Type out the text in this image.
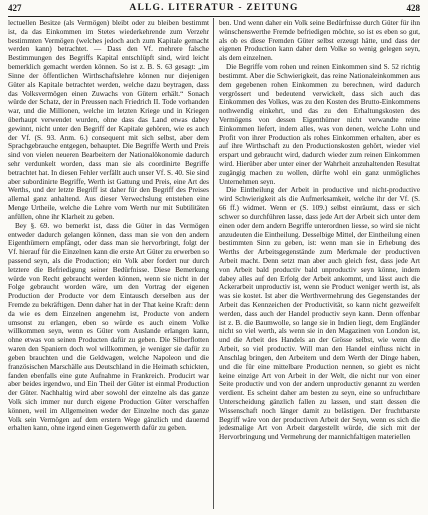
427	ALLG. LITERATUR - ZEITUNG	428

lectuellen Besitze (als Vermögen) bleibt oder zu bleiben bestimmt ist, da das Einkommen im Stetes wiederkehrende zum Verzehr bestimmten Vermögen (welches jedoch auch zum Kapitale gemacht werden kann) betrachtet. — Dass den Vf. mehrere falsche Bestimmungen des Begriffs Kapital entschlüpft sind, wird leicht bemerklich gemacht werden können. So ist z. B. S. 63 gesagt: „im Sinne der öffentlichen Wirthschaftslehre können nur diejenigen Güter als Kapitale betrachtet werden, welche dazu beytragen, dass das Volksvermögen einen Zuwachs von Gütern erhält.“ Sonach würde der Schatz, der in Preussen nach Friedrich II. Tode vorhanden war, und die Millionen, welche im letzten Kriege und in Kriegen überhaupt verwendet wurden, ohne dass das Land etwas dabey gewinnt, nicht unter den Begriff der Kapitale gehören, wie es auch der Vf. (S. 93. Anm. 6.) consequent mit sich selbst, aber dem Sprachgebrauche entgegen, behauptet. Die Begriffe Werth und Preis sind von vielen neueren Bearbeitern der Nationalökonomie dadurch sehr verdunkelt worden, dass man sie als coordinirte Begriffe betrachtet hat. In diesen Fehler verfällt auch unser Vf. S. 40. Sie sind aber subordinirte Begriffe, Werth ist Gattung und Preis, eine Art des Werths, und der letzte Begriff ist daher für den Begriff des Preises allemal ganz anhaltend. Aus dieser Verwechslung entstehen eine Menge Urtheile, welche die Lehre vom Werth nur mit Subtilitäten anfüllen, ohne ihr Klarheit zu geben.

Bey §. 69. wo bemerkt ist, dass die Güter in das Vermögen entweder dadurch gelangen können, dass man sie von den andern Eigenthümern empfängt, oder dass man sie hervorbringt, folgt der Vf. hierauf für die Einzelnen kann die erste Art Güter zu erwerben so passend seyn, als die Production; ein Volk aber fordert nur durch letztere die Befriedigung seiner Bedürfnisse. Diese Bemerkung würde von Recht gebraucht werden können, wenn sie nicht in der Folge gebraucht worden wäre, um den Vortrag der eigenen Production der Producte vor dem Eintausch derselben aus der Fremde zu bekräftigen. Denn daher hat in der That keine Kraft: denn da wie es dem Einzelnen angenehm ist, Producte von andern umsonst zu erlangen, eben so würde es auch einem Volke willkommen seyn, wenn es Güter vom Auslande erlangen kann, ohne etwas von seinen Producten dafür zu geben. Die Silberflotten waren den Spaniern doch wol willkommen, je weniger sie dafür zu geben brauchten und die Geldwagen, welche Napoleon und die französischen Marschälle aus Deutschland in die Heimath schickten, fanden ebenfalls eine gute Aufnahme in Frankreich. Producirt war aber beides irgendwo, und Ein Theil der Güter ist einmal Production der Güter. Nachhaltig wird aber sowohl der einzelne als das ganze Volk sich immer nur durch eigene Production Güter verschaffen können, weil im Allgemeinen weder der Einzelne noch das ganze Volk sein Vermögen auf dem erstern Wege gänzlich und dauernd erhalten kann, ohne irgend einen Gegenwerth dafür zu geben.

ben. Und wenn daher ein Volk seine Bedürfnisse durch Güter für ihn wünschenswerthe Fremde befriedigen möchte, so ist es eben so gut, als ob es diese Fremden Güter selbst erzeugt hätte, und dass der eigenen Production kann daher dem Volke so wenig gelegen seyn, als dem einzelnen.

Die Begriffe vom rohen und reinen Einkommen sind S. 52 richtig bestimmt. Aber die Schwierigkeit, das reine Nationaleinkommen aus dem gegebenen rohen Einkommen zu berechnen, wird dadurch vergrössert und bedeutend verwickelt, dass sich auch das Einkommen des Volkes, was zu den Kosten des Brutto-Einkommens nothwendig einkehrt, und das zu den Erhaltungskosten des Vermögens von dessen Eigenthümer nicht verwandte reine Einkommen liefert, indem alles, was von denen, welche Lohn und Profit von ihrer Production als rohes Einkommen erhalten, aber es auf ihre Wirthschaft zu den Productionskosten gehört, wieder viel erspart und gebraucht wird, dadurch wieder zum reinen Einkommen wird. Hierüber aber unter einer der Wahrheit anzuhaltenden Resultat zugängig machen zu wollen, dürfte wohl ein ganz unmögliches Unternehmen seyn.

Die Eintheilung der Arbeit in productive und nicht-productive wird Schwierigkeit als die Aufmerksamkeit, welche ihr der Vf. (S. 66 ff.) widmet. Wenn er (S. 109.) selbst einräumt, dass er sich schwer so durchführen lasse, dass jede Art der Arbeit sich unter dem einen oder dem andern Begriffe unterordnen liesse, so wird sie nicht anzudeuten die Eintheilung. Desselbige Mittel, der Eintheilung einen bestimmten Sinn zu geben, ist: wenn man sie in Erhebung des Werths der Arbeitsgegenstände zum Merkmale der productiven Arbeit macht. Denn setzt man aber auch gleich fest, dass jede Art von Arbeit bald productiv bald unproductiv seyn könne, indem dabey alles auf den Erfolg der Arbeit ankommt, und lässt auch die Ackerarbeit unproductiv ist, wenn sie Product weniger werth ist, als was sie kostet. Ist aber die Werthvermehrung des Gegenstandes der Arbeit das Kennzeichen der Productivität, so kann nicht gezweifelt werden, dass auch der Handel productiv seyn kann. Denn offenbar ist z. B. die Baumwolle, so lange sie in Indien liegt, dem Engländer nicht so viel werth, als wenn sie in den Magazinen von London ist, und die Arbeit des Handels an der Grösse selbst, wie wenn die Arbeit, so viel productiv. Will man den Handel einfluss nicht in Anschlag bringen, den Arbeitern und dem Werth der Dinge haben, und die für eine mittelbare Production nennen, so giebt es nicht keine einzige Art von Arbeit in der Welt, die nicht nur von einer Seite productiv und von der andern unproductiv genannt zu werden verdient. Es scheint daher am besten zu seyn, eine so unfruchtbare Unterscheidung gänzlich fallen zu lassen, und statt dessen die Wissenschaft noch länger damit zu belästigen. Der fruchtbarste Begriff wäre von der productiven Arbeit der Seyn, wenn es sich die jedesmalige Art von Arbeit dargestellt würde, die sich mit der Hervorbringung und Vermehrung der mannichfaltigen materiellen
